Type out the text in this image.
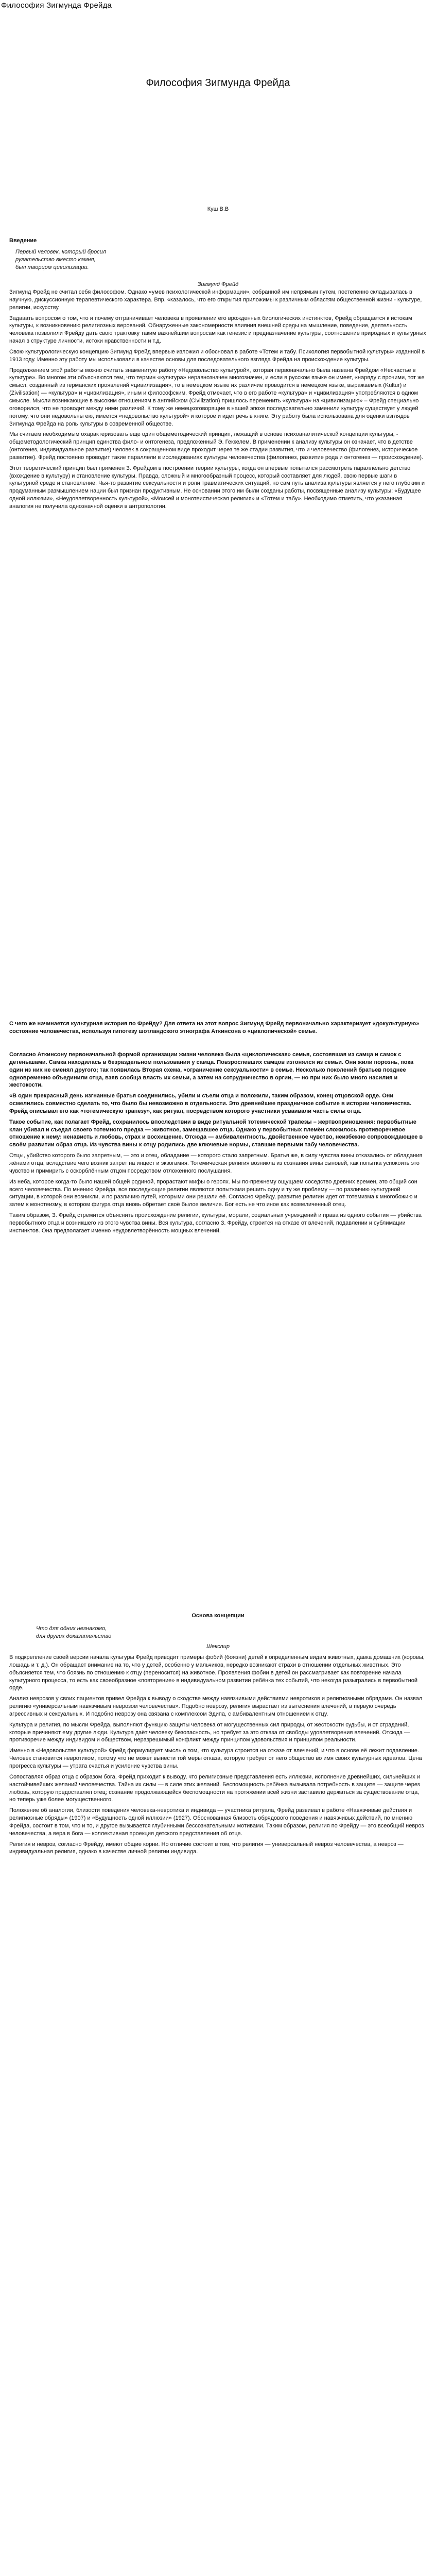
Философия Зигмунда Фрейда
Философия Зигмунда Фрейда
Куш В.В
Введение
Первый человек, который бросил
ругательство вместо камня,
был творцом цивилизации.
Зигмунд Фрейд

Зигмунд Фрейд не считал себя философом. Однако «умев психологической информации», собранной им непрямым путем, постепенно складывалась в научную, дискуссионную терапевтического характера. Впр. «казалось, что его открытия приложимы к различным областям общественной жизни - культуре, религии, искусству.

Задавать вопросом о том, что и почему отграничивает человека в проявлении его врожденных биологических инстинктов, Фрейд обращается к истокам культуры, к возникновению религиозных верований. Обнаруженные закономерности влияния внешней среды на мышление, поведение, деятельность человека позволили Фрейду дать свою трактовку таким важнейшим вопросам как генезис и предназначение культуры, соотношение природных и культурных начал в структуре личности, истоки нравственности и т.д.

Свою культурологическую концепцию Зигмунд Фрейд впервые изложил и обосновал в работе «Тотем и табу. Психология первобытной культуры» изданной в 1913 году. Именно эту работу мы использовали в качестве основы для последовательного взгляда Фрейда на происхождение культуры.

Продолжением этой работы можно считать знаменитую работу «Недовольство культурой», которая первоначально была названа Фрейдом «Несчастье в культуре». Во многом эти объясняются тем, что термин «культура» неравнозначен многозначен, и если в русском языке он имеет, «наряду с прочими, тот же смысл, созданный из германских проявлений «цивилизация», то в немецком языке их различие проводится в немецком языке, выражаемых (Kultur) и (Zivilisation) — «культура» и «цивилизация», иным и философским. Фрейд отмечает, что в его работе «культура» и «цивилизация» употребляются в одном смысле. Мысли возникающие в высоким отношениям в английском (Civilization) пришлось переменить «культура» на «цивилизацию» – Фрейд специально оговорился, что не проводит между ними различий. К тому же немецкоговорящие в нашей эпохе последовательно заменили культуру существует у людей потому, что они недовольны ею, имеется «недовольство культурой» и которое и идет речь в книге. Эту работу была использована для оценки взглядов Зигмунда Фрейда на роль культуры в современной обществе.

Мы считаем необходимым охарактеризовать еще один общеметодический принцип, лежащий в основе психоаналитической концепции культуры, - общеметодологический принцип единства фило- и онтогенеза, предложенный Э. Геккелем. В применении к анализу культуры он означает, что в детстве (онтогенез, индивидуальное развитие) человек в сокращенном виде проходит через те же стадии развития, что и человечество (филогенез, историческое развитие). Фрейд постоянно проводит такие параллели в исследованиях культуры человечества (филогенез, развитие рода и онтогенез — происхождение).

Этот теоретический принцип был применен З. Фрейдом в построении теории культуры, когда он впервые попытался рассмотреть параллельно детство (вхождение в культуру) и становление культуры. Правда, сложный и многообразный процесс, который составляет для людей, свою первые шаги в культурной среде и становление. Чья-то развитие сексуальности и роли травматических ситуаций, но сам путь анализа культуры является у него глубоким и продуманным размышлением нации был признан продуктивным. Не основании этого им были созданы работы, посвященные анализу культуры: «Будущее одной иллюзии», «Неудовлетворенность культурой», «Моисей и монотеистическая религия» и «Тотем и табу». Необходимо отметить, что указанная аналогия не получила однозначной оценки в антропологии.

С чего же начинается культурная история по Фрейду? Для ответа на этот вопрос Зигмунд Фрейд первоначально характеризует «докультурную» состояние человечества, используя гипотезу шотландского этнографа Аткинсона о «циклопической» семье.

Согласно Аткинсону первоначальной формой организации жизни человека была «циклопическая» семья, состоявшая из самца и самок с детенышами. Самка находилась в безраздельном пользовании у самца. Повзрослевших самцов изгонялся из семьи. Они жили порознь, пока один из них не сменял другого; так появилась Вторая схема, «ограничение сексуальности» в семье. Несколько поколений братьев позднее одновременно объединили отца, взяв сообща власть их семьи, а затем на сотрудничество в оргии, — но при них было много насилия и жестокости.

«В один прекрасный день изгнанные братья соединились, убили и съели отца и положили, таким образом, конец отцовской орде. Они осмелились совместно сделать то, что было бы невозможно в отдельности. Это древнейшее праздничное событие в истории человечества. Фрейд описывал его как «тотемическую трапезу», как ритуал, посредством которого участники усваивали часть силы отца.

Такое событие, как полагает Фрейд, сохранилось впоследствии в виде ритуальной тотемической трапезы – жертвоприношения: первобытные клан убивал и съедал своего тотемного предка — животное, замещавшее отца. Однако у первобытных племён сложилось противоречивое отношение к нему: ненависть и любовь, страх и восхищение. Отсюда — амбивалентность, двойственное чувство, неизбежно сопровождающее в своём развитии образ отца. Из чувства вины к отцу родились две ключевые нормы, ставшие первыми табу человечества.

Отцы, убийство которого было запретным, — это и отец, обладание — которого стало запретным. Братья же, в силу чувства вины отказались от обладания жёнами отца, вследствие чего возник запрет на инцест и экзогамия. Тотемическая религия возникла из сознания вины сыновей, как попытка успокоить это чувство и примирить с оскорблённым отцом посредством отложенного послушания.

Из неба, которое когда-то было нашей общей родиной, прорастают мифы о героях. Мы по-прежнему ощущаем соседство древних времен, это общий сон всего человечества. По мнению Фрейда, все последующие религии являются попытками решить одну и ту же проблему — по различию культурной ситуации, в которой они возникли, и по различию путей, которыми они решали её. Согласно Фрейду, развитие религии идет от тотемизма к многобожию и затем к монотеизму, в котором фигура отца вновь обретает своё былое величие. Бог есть не что иное как возвеличенный отец.

Таким образом, З. Фрейд стремится объяснить происхождение религии, культуры, морали, социальных учреждений и права из одного события — убийства первобытного отца и возникшего из этого чувства вины. Вся культура, согласно З. Фрейду, строится на отказе от влечений, подавлении и сублимации инстинктов. Она предполагает именно неудовлетворённость мощных влечений.

Основа концепции
Что для одних незнакомо,
для других доказательство
Шекспир

В подкрепление своей версии начала культуры Фрейд приводит примеры фобий (боязни) детей к определенным видам животных, давка домашних (коровы, лошадь и т. д.). Он обращает внимание на то, что у детей, особенно у мальчиков, нередко возникают страхи в отношении отдельных животных. Это объясняется тем, что боязнь по отношению к отцу (переносится) на животное. Проявления фобии в детей он рассматривает как повторение начала культурного процесса, то есть как своеобразное «повторение» в индивидуальном развитии ребёнка тех событий, что некогда разыгрались в первобытной орде.

Анализ неврозов у своих пациентов привел Фрейда к выводу о сходстве между навязчивыми действиями невротиков и религиозными обрядами. Он назвал религию «универсальным навязчивым неврозом человечества». Подобно неврозу, религия вырастает из вытеснения влечений, в первую очередь агрессивных и сексуальных. И подобно неврозу она связана с комплексом Эдипа, с амбивалентным отношением к отцу.

Культура и религия, по мысли Фрейда, выполняют функцию защиты человека от могущественных сил природы, от жестокости судьбы, и от страданий, которые причиняют ему другие люди. Культура даёт человеку безопасность, но требует за это отказа от свободы удовлетворения влечений. Отсюда — противоречие между индивидом и обществом, неразрешимый конфликт между принципом удовольствия и принципом реальности.

Именно в «Недовольстве культурой» Фрейд формулирует мысль о том, что культура строится на отказе от влечений, и что в основе её лежит подавление. Человек становится невротиком, потому что не может вынести той меры отказа, которую требует от него общество во имя своих культурных идеалов. Цена прогресса культуры — утрата счастья и усиление чувства вины.

Сопоставляя образ отца с образом бога, Фрейд приходит к выводу, что религиозные представления есть иллюзии, исполнение древнейших, сильнейших и настойчивейших желаний человечества. Тайна их силы — в силе этих желаний. Беспомощность ребёнка вызывала потребность в защите — защите через любовь, которую предоставлял отец; сознание продолжающейся беспомощности на протяжении всей жизни заставило держаться за существование отца, но теперь уже более могущественного.

Положение об аналогии, близости поведения человека-невротика и индивида — участника ритуала, Фрейд развивал в работе «Навязчивые действия и религиозные обряды» (1907) и «Будущность одной иллюзии» (1927). Обоснованная близость обрядового поведения и навязчивых действий, по мнению Фрейда, состоит в том, что и то, и другое вызывается глубинными бессознательными мотивами. Таким образом, религия по Фрейду — это всеобщий невроз человечества, а вера в бога — коллективная проекция детского представления об отце.

Религия и невроз, согласно Фрейду, имеют общие корни. Но отличие состоит в том, что религия — универсальный невроз человечества, а невроз — индивидуальная религия, однако в качестве личной религии индивида.
